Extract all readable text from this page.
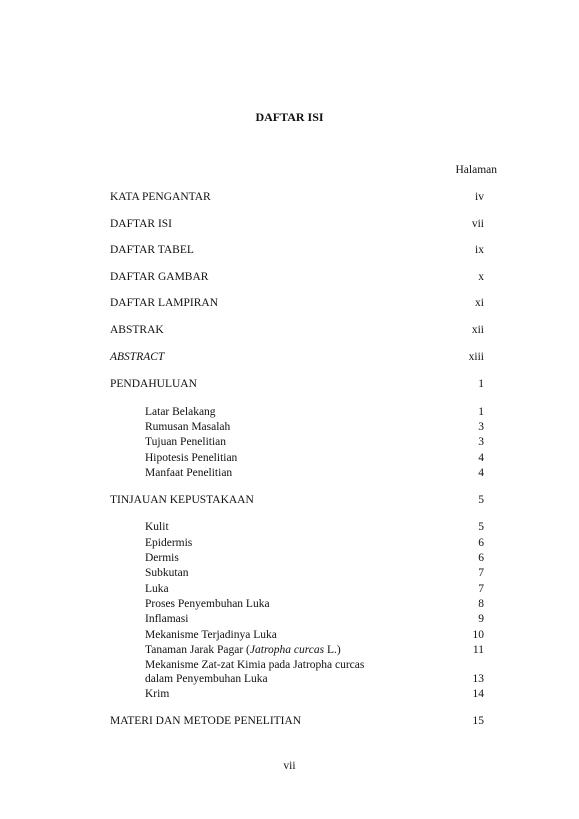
DAFTAR ISI
Halaman
KATA PENGANTAR	iv
DAFTAR ISI	vii
DAFTAR TABEL	ix
DAFTAR GAMBAR	x
DAFTAR LAMPIRAN	xi
ABSTRAK	xii
ABSTRACT	xiii
PENDAHULUAN	1
Latar Belakang	1
Rumusan Masalah	3
Tujuan Penelitian	3
Hipotesis Penelitian	4
Manfaat Penelitian	4
TINJAUAN KEPUSTAKAAN	5
Kulit	5
Epidermis	6
Dermis	6
Subkutan	7
Luka	7
Proses Penyembuhan Luka	8
Inflamasi	9
Mekanisme Terjadinya Luka	10
Tanaman Jarak Pagar (Jatropha curcas L.)	11
Mekanisme Zat-zat Kimia pada Jatropha curcas
dalam Penyembuhan Luka	13
Krim	14
MATERI DAN METODE PENELITIAN	15
vii
